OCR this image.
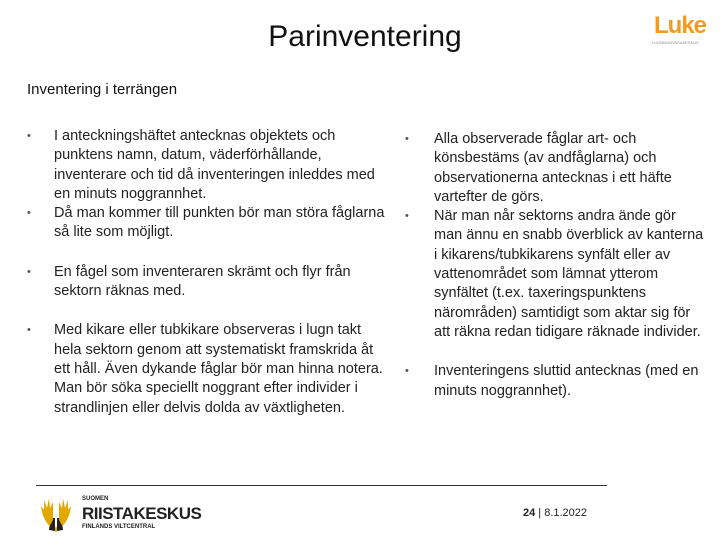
Parinventering	Luke
LUONNONVARAKESKUS
Inventering i terrängen
•	I anteckningshäftet antecknas objektets och punktens namn, datum, väderförhållande, inventerare och tid då inventeringen inleddes med en minuts noggrannhet.
•	Då man kommer till punkten bör man störa fåglarna så lite som möjligt.
•	En fågel som inventeraren skrämt och flyr från sektorn räknas med.
•	Med kikare eller tubkikare observeras i lugn takt hela sektorn genom att systematiskt framskrida åt ett håll. Även dykande fåglar bör man hinna notera. Man bör söka speciellt noggrant efter individer i strandlinjen eller delvis dolda av växtligheten.
•	Alla observerade fåglar art- och könsbestäms (av andfåglarna) och observationerna antecknas i ett häfte vartefter de görs.
•	När man når sektorns andra ände gör man ännu en snabb överblick av kanterna i kikarens/tubkikarens synfält eller av vattenområdet som lämnat ytterom synfältet (t.ex. taxeringspunktens närområden) samtidigt som aktar sig för att räkna redan tidigare räknade individer.
•	Inventeringens sluttid antecknas (med en minuts noggrannhet).
SUOMEN
RIISTAKESKUS
FINLANDS VILTCENTRAL
24 | 8.1.2022
